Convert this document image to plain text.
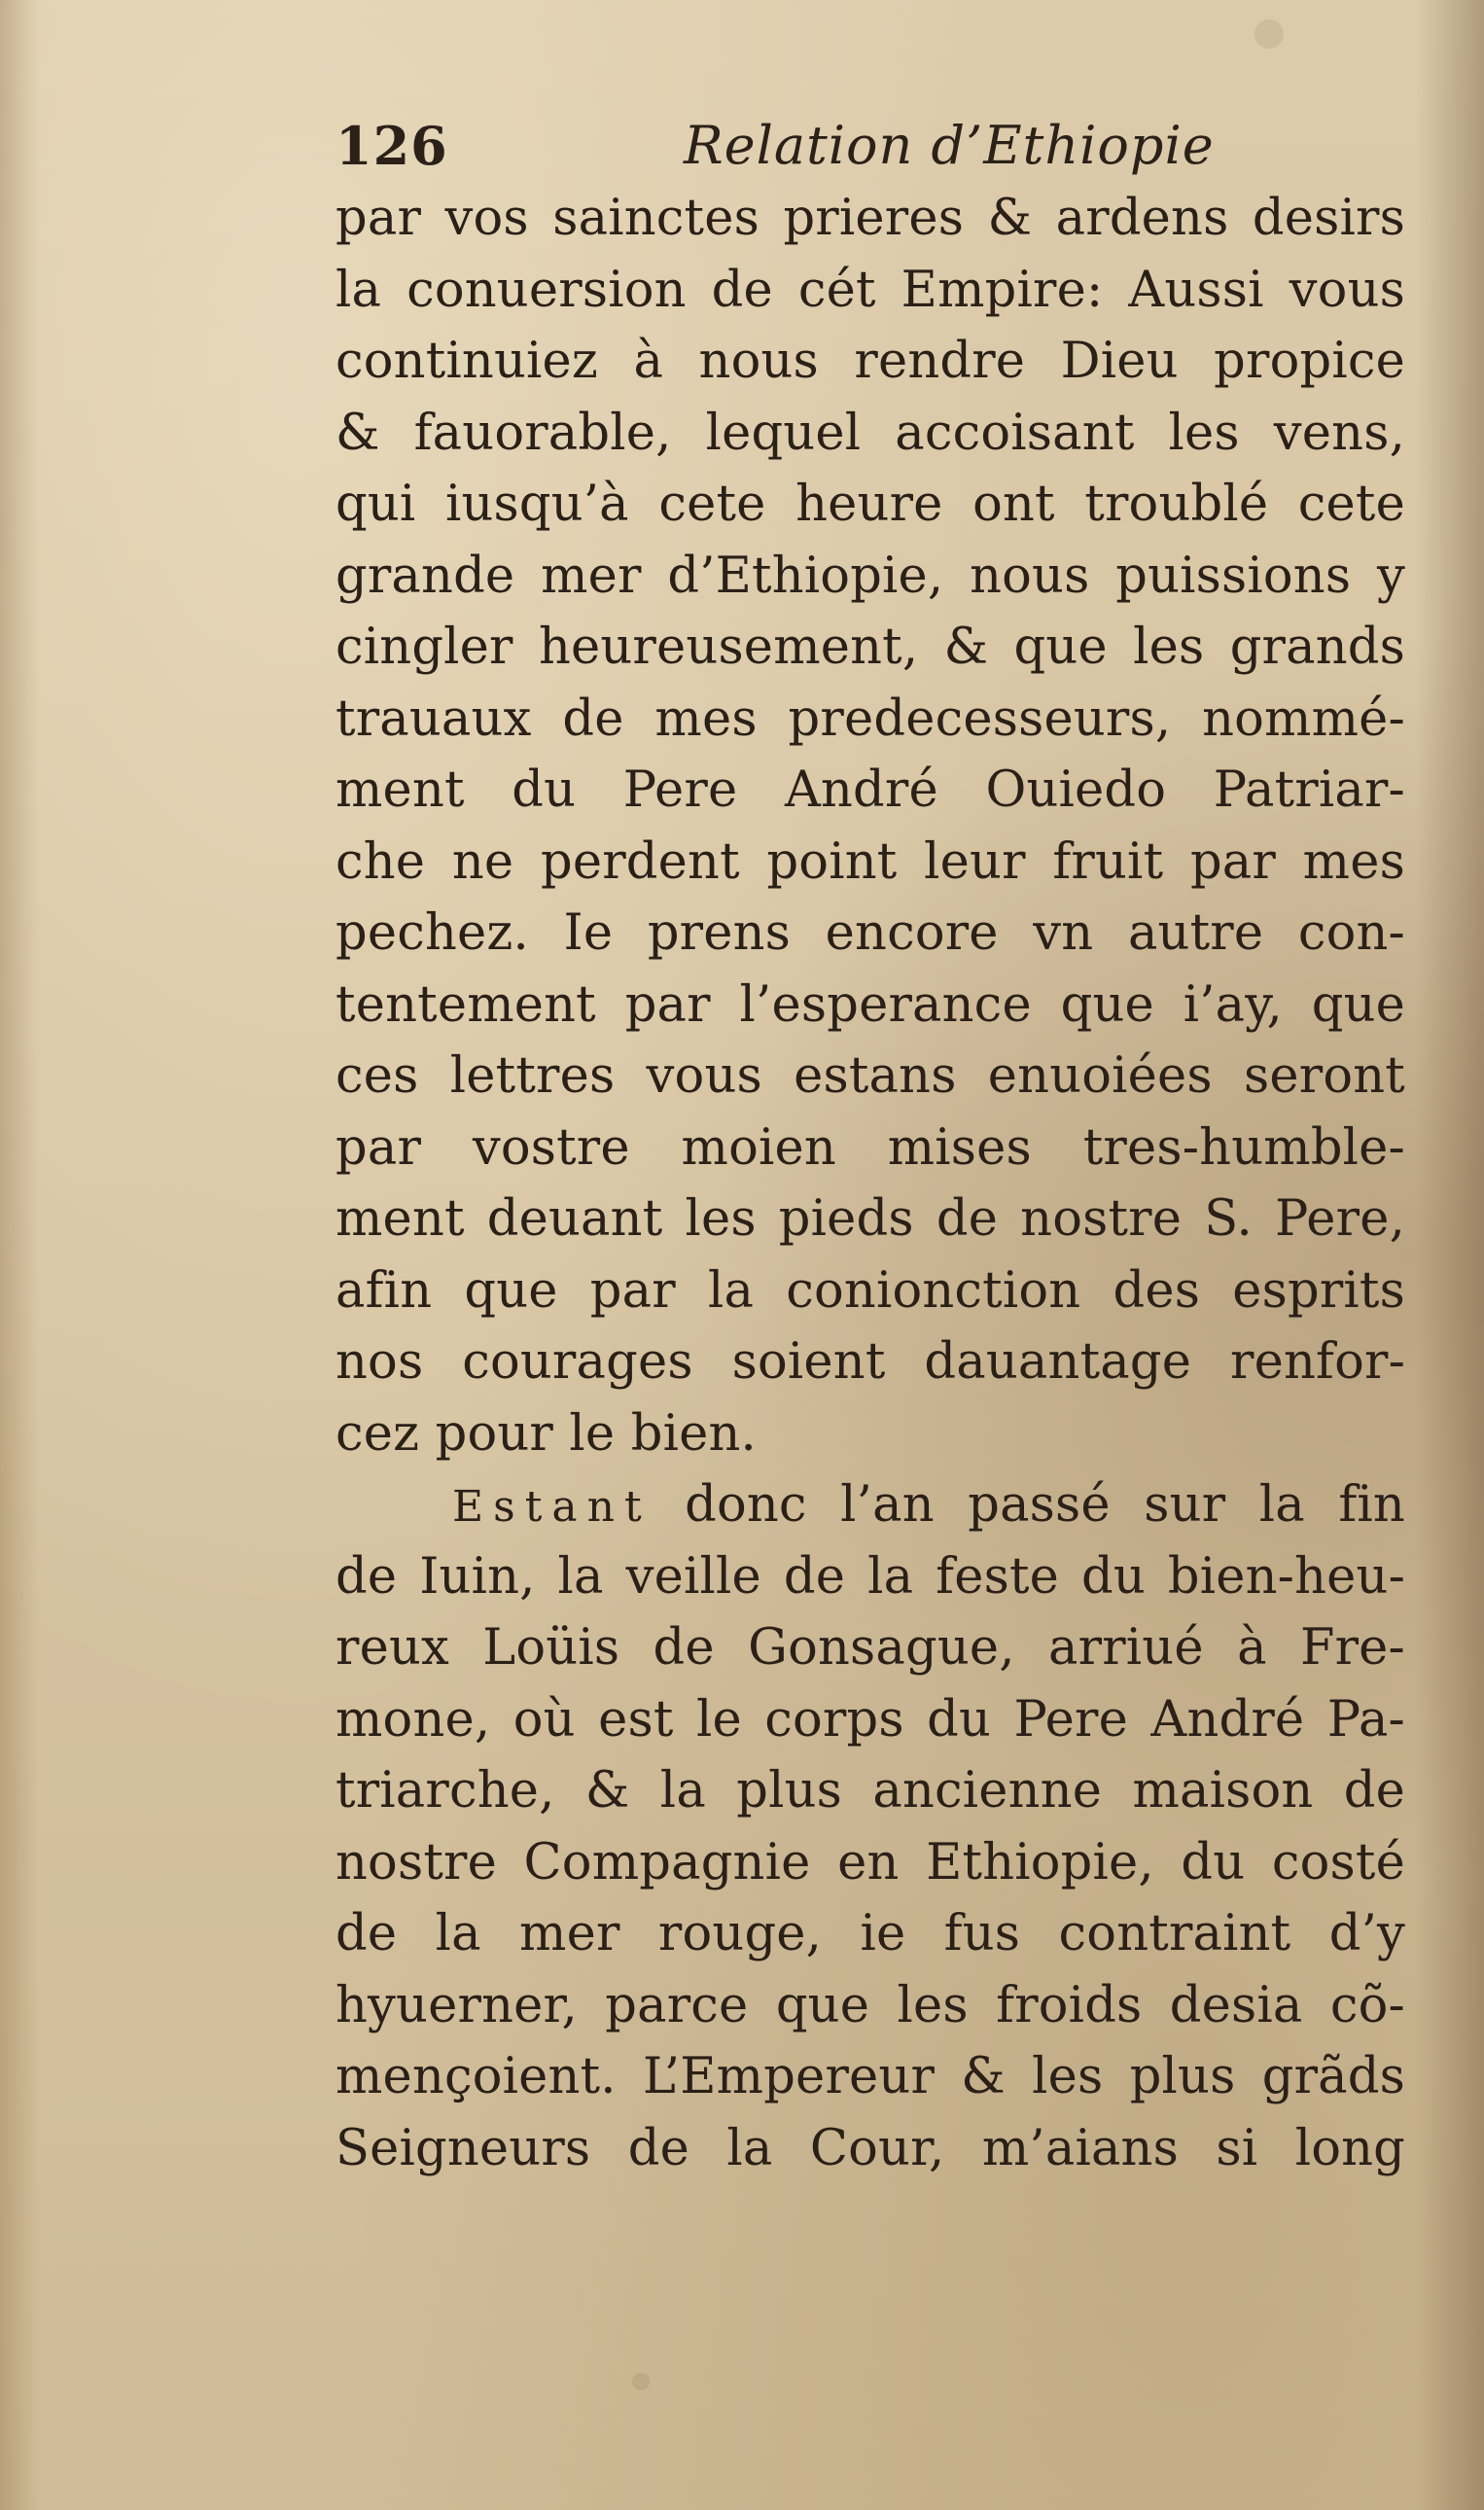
126	Relation d’Ethiopie
par vos sainctes prieres & ardens desirs
la conuersion de cét Empire: Aussi vous
continuiez à nous rendre Dieu propice
& fauorable, lequel accoisant les vens,
qui iusqu’à cete heure ont troublé cete
grande mer d’Ethiopie, nous puissions y
cingler heureusement, & que les grands
trauaux de mes predecesseurs, nommé-
ment du Pere André Ouiedo Patriar-
che ne perdent point leur fruit par mes
pechez. Ie prens encore vn autre con-
tentement par l’esperance que i’ay, que
ces lettres vous estans enuoiées seront
par vostre moien mises tres-humble-
ment deuant les pieds de nostre S. Pere,
afin que par la conionction des esprits
nos courages soient dauantage renfor-
cez pour le bien.
Estant donc l’an passé sur la fin
de Iuin, la veille de la feste du bien-heu-
reux Loüis de Gonsague, arriué à Fre-
mone, où est le corps du Pere André Pa-
triarche, & la plus ancienne maison de
nostre Compagnie en Ethiopie, du costé
de la mer rouge, ie fus contraint d’y
hyuerner, parce que les froids desia cõ-
mençoient. L’Empereur & les plus grãds
Seigneurs de la Cour, m’aians si long
